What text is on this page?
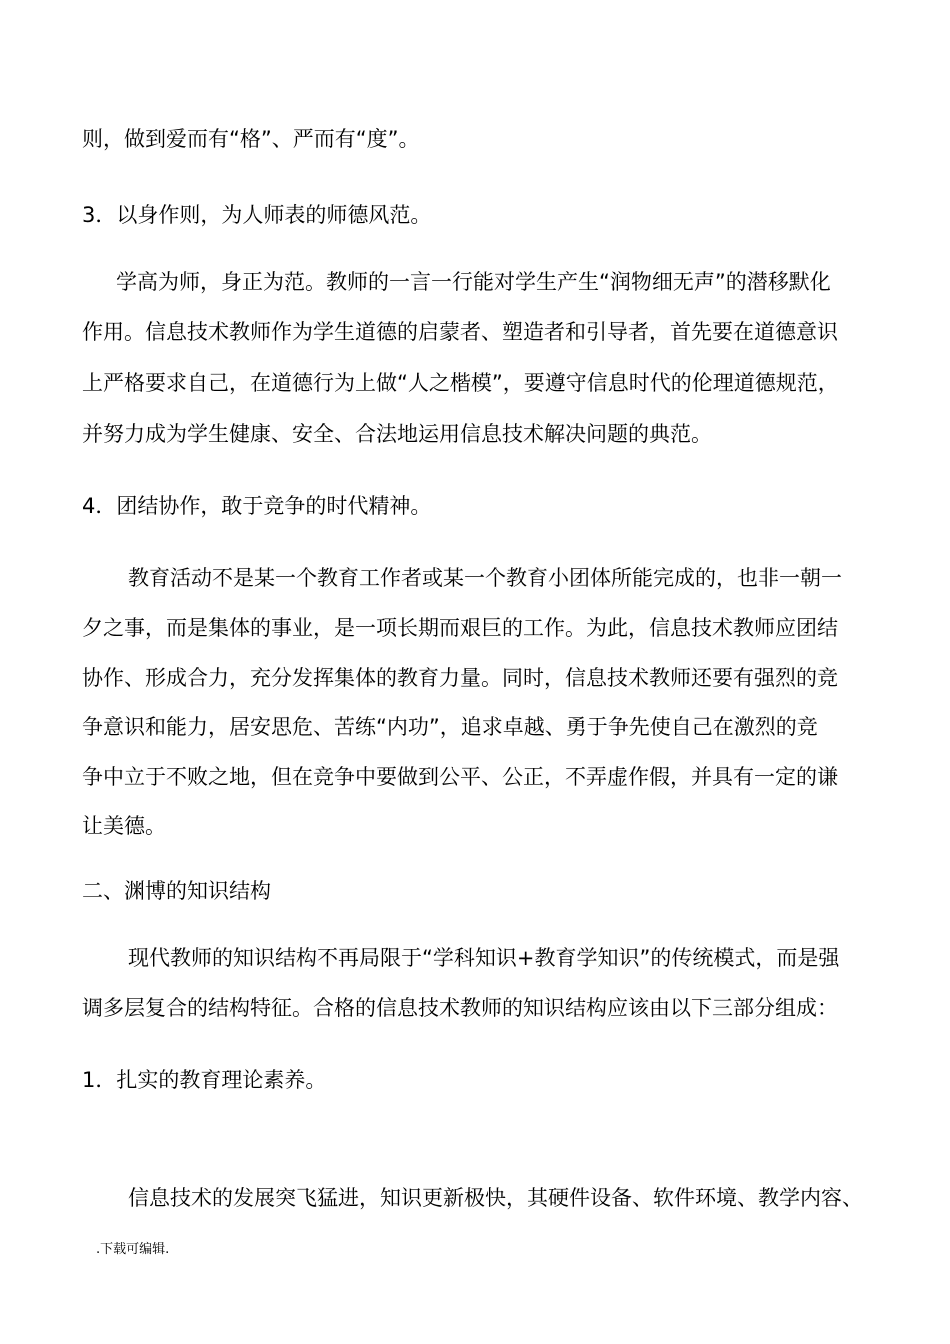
则，做到爱而有“格”、严而有“度”。
3．以身作则，为人师表的师德风范。
学高为师，身正为范。教师的一言一行能对学生产生“润物细无声”的潜移默化
作用。信息技术教师作为学生道德的启蒙者、塑造者和引导者，首先要在道德意识
上严格要求自己，在道德行为上做“人之楷模”，要遵守信息时代的伦理道德规范，
并努力成为学生健康、安全、合法地运用信息技术解决问题的典范。
4．团结协作，敢于竞争的时代精神。
教育活动不是某一个教育工作者或某一个教育小团体所能完成的，也非一朝一
夕之事，而是集体的事业，是一项长期而艰巨的工作。为此，信息技术教师应团结
协作、形成合力，充分发挥集体的教育力量。同时，信息技术教师还要有强烈的竞
争意识和能力，居安思危、苦练“内功”，追求卓越、勇于争先使自己在激烈的竞
争中立于不败之地，但在竞争中要做到公平、公正，不弄虚作假，并具有一定的谦
让美德。
二、渊博的知识结构
现代教师的知识结构不再局限于“学科知识+教育学知识”的传统模式，而是强
调多层复合的结构特征。合格的信息技术教师的知识结构应该由以下三部分组成：
1．扎实的教育理论素养。
信息技术的发展突飞猛进，知识更新极快，其硬件设备、软件环境、教学内容、
.下载可编辑.
